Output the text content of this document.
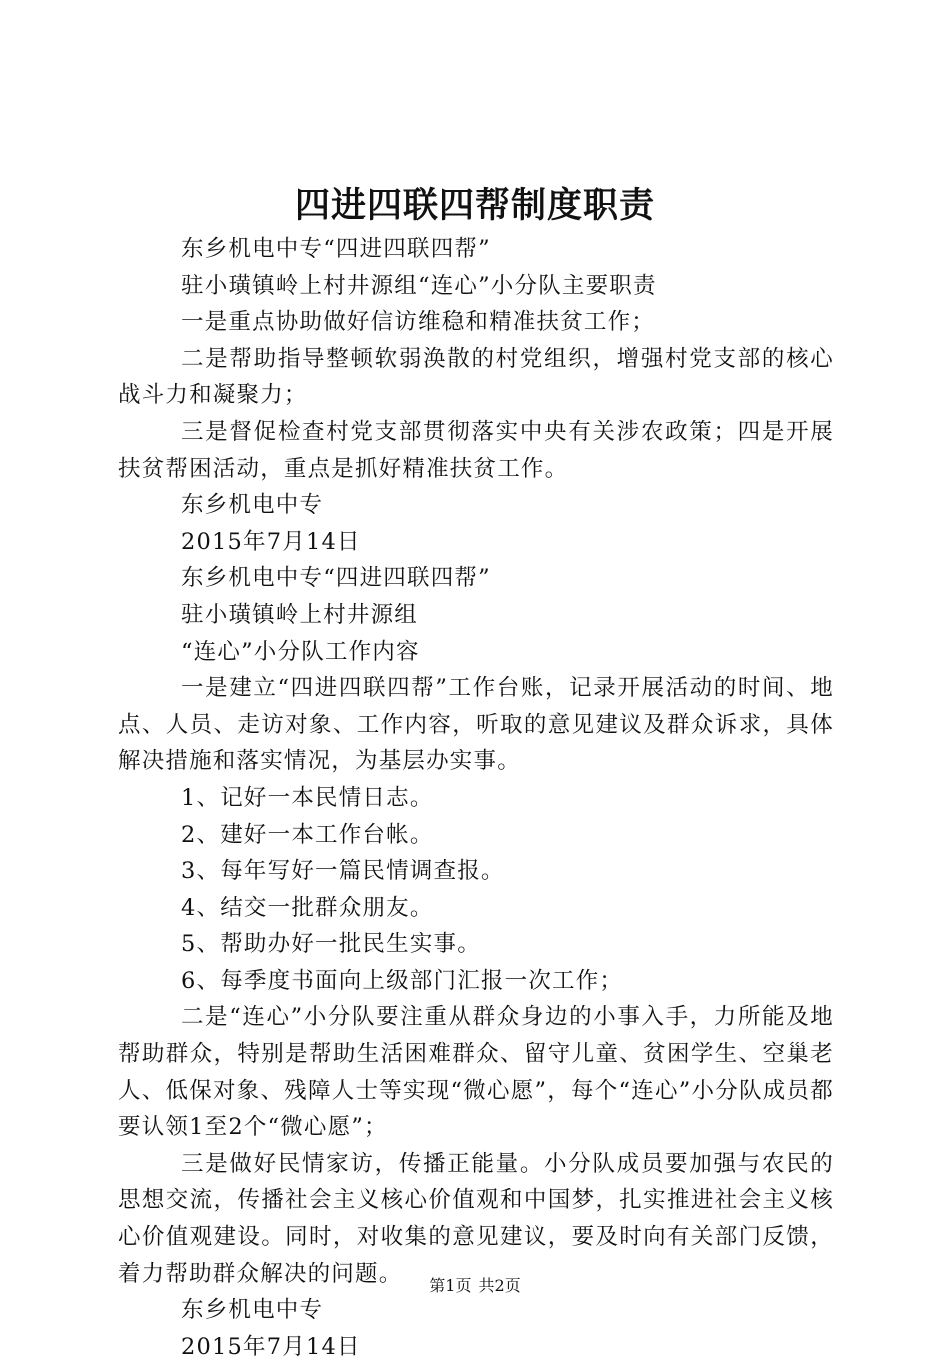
四进四联四帮制度职责

东乡机电中专“四进四联四帮”

驻小璜镇岭上村井源组“连心”小分队主要职责

一是重点协助做好信访维稳和精准扶贫工作；

二是帮助指导整顿软弱涣散的村党组织，增强村党支部的核心战斗力和凝聚力；

三是督促检查村党支部贯彻落实中央有关涉农政策；四是开展扶贫帮困活动，重点是抓好精准扶贫工作。

东乡机电中专

2015年7月14日

东乡机电中专“四进四联四帮”

驻小璜镇岭上村井源组

“连心”小分队工作内容

一是建立“四进四联四帮”工作台账，记录开展活动的时间、地点、人员、走访对象、工作内容，听取的意见建议及群众诉求，具体解决措施和落实情况，为基层办实事。

1、记好一本民情日志。

2、建好一本工作台帐。

3、每年写好一篇民情调查报。

4、结交一批群众朋友。

5、帮助办好一批民生实事。

6、每季度书面向上级部门汇报一次工作；

二是“连心”小分队要注重从群众身边的小事入手，力所能及地帮助群众，特别是帮助生活困难群众、留守儿童、贫困学生、空巢老人、低保对象、残障人士等实现“微心愿”，每个“连心”小分队成员都要认领1至2个“微心愿”；

三是做好民情家访，传播正能量。小分队成员要加强与农民的思想交流，传播社会主义核心价值观和中国梦，扎实推进社会主义核心价值观建设。同时，对收集的意见建议，要及时向有关部门反馈，着力帮助群众解决的问题。

东乡机电中专

2015年7月14日

第1页 共2页
